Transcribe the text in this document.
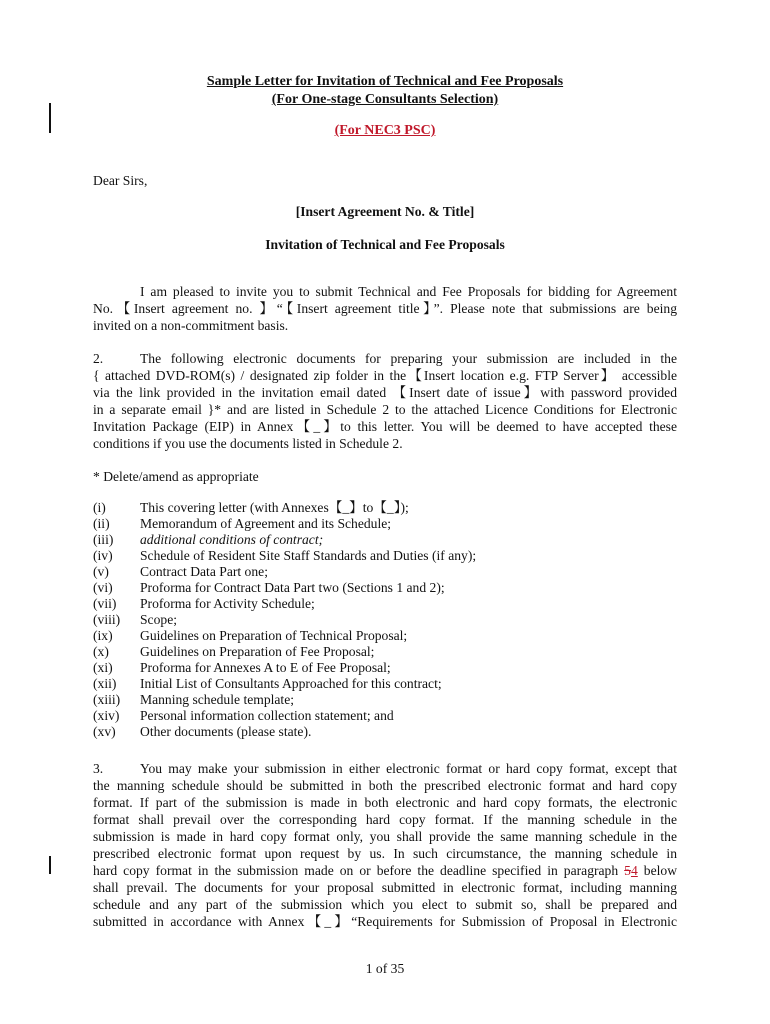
Sample Letter for Invitation of Technical and Fee Proposals
(For One-stage Consultants Selection)
(For NEC3 PSC)
Dear Sirs,
[Insert Agreement No. & Title]
Invitation of Technical and Fee Proposals
I am pleased to invite you to submit Technical and Fee Proposals for bidding for Agreement
No.【Insert agreement no. 】“【Insert agreement title】”. Please note that submissions are being
invited on a non-commitment basis.
2.	The following electronic documents for preparing your submission are included in the
{ attached DVD-ROM(s) / designated zip folder in the【Insert location e.g. FTP Server】 accessible
via the link provided in the invitation email dated 【Insert date of issue】with password provided
in a separate email }* and are listed in Schedule 2 to the attached Licence Conditions for Electronic
Invitation Package (EIP) in Annex【_】to this letter. You will be deemed to have accepted these
conditions if you use the documents listed in Schedule 2.
* Delete/amend as appropriate
(i)	This covering letter (with Annexes【_】to【_】);
(ii) Memorandum of Agreement and its Schedule;
(iii) additional conditions of contract;
(iv) Schedule of Resident Site Staff Standards and Duties (if any);
(v) Contract Data Part one;
(vi) Proforma for Contract Data Part two (Sections 1 and 2);
(vii) Proforma for Activity Schedule;
(viii) Scope;
(ix) Guidelines on Preparation of Technical Proposal;
(x) Guidelines on Preparation of Fee Proposal;
(xi) Proforma for Annexes A to E of Fee Proposal;
(xii) Initial List of Consultants Approached for this contract;
(xiii) Manning schedule template;
(xiv) Personal information collection statement; and
(xv) Other documents (please state).
3.	You may make your submission in either electronic format or hard copy format, except that
the manning schedule should be submitted in both the prescribed electronic format and hard copy
format. If part of the submission is made in both electronic and hard copy formats, the electronic
format shall prevail over the corresponding hard copy format. If the manning schedule in the
submission is made in hard copy format only, you shall provide the same manning schedule in the
prescribed electronic format upon request by us. In such circumstance, the manning schedule in
hard copy format in the submission made on or before the deadline specified in paragraph 54 below
shall prevail. The documents for your proposal submitted in electronic format, including manning
schedule and any part of the submission which you elect to submit so, shall be prepared and
submitted in accordance with Annex【_】“Requirements for Submission of Proposal in Electronic
1 of 35
